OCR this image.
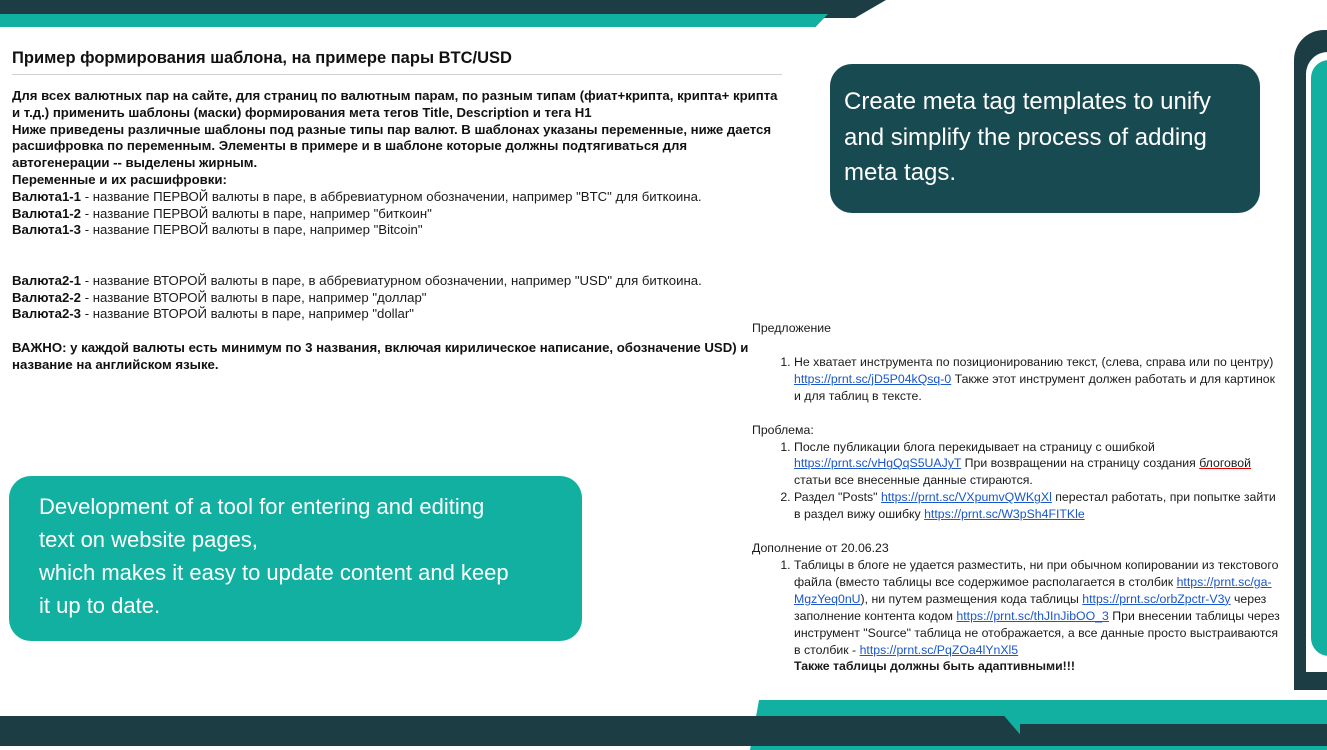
Пример формирования шаблона, на примере пары BTC/USD

Для всех валютных пар на сайте, для страниц по валютным парам, по разным типам (фиат+крипта, крипта+ крипта и т.д.) применить шаблоны (маски) формирования мета тегов Title, Description и тега H1

Ниже приведены различные шаблоны под разные типы пар валют. В шаблонах указаны переменные, ниже дается расшифровка по переменным. Элементы в примере и в шаблоне которые должны подтягиваться для автогенерации -- выделены жирным.

Переменные и их расшифровки:

Валюта1-1 - название ПЕРВОЙ валюты в паре, в аббревиатурном обозначении, например "BTC" для биткоина.

Валюта1-2 - название ПЕРВОЙ валюты в паре, например "биткоин"

Валюта1-3 - название ПЕРВОЙ валюты в паре, например "Bitcoin"

Валюта2-1 - название ВТОРОЙ валюты в паре, в аббревиатурном обозначении, например "USD" для биткоина.

Валюта2-2 - название ВТОРОЙ валюты в паре, например "доллар"

Валюта2-3 - название ВТОРОЙ валюты в паре, например "dollar"

ВАЖНО: у каждой валюты есть минимум по 3 названия, включая кирилическое написание, обозначение USD) и название на английском языке.

Create meta tag templates to unify and simplify the process of adding meta tags.
Development of a tool for entering and editing
text on website pages,
which makes it easy to update content and keep
it up to date.

Предложение

1. Не хватает инструмента по позиционированию текст, (слева, справа или по центру) https://prnt.sc/jD5P04kQsq-0 Также этот инструмент должен работать и для картинок и для таблиц в тексте.

Проблема:

1. После публикации блога перекидывает на страницу с ошибкой https://prnt.sc/vHgQqS5UAJyT При возвращении на страницу создания блоговой статьи все внесенные данные стираются.
2. Раздел "Posts" https://prnt.sc/VXpumvQWKgXl перестал работать, при попытке зайти в раздел вижу ошибку https://prnt.sc/W3pSh4FITKle

Дополнение от 20.06.23

1. Таблицы в блоге не удается разместить, ни при обычном копировании из текстового файла (вместо таблицы все содержимое располагается в столбик https://prnt.sc/ga-MgzYeq0nU), ни путем размещения кода таблицы https://prnt.sc/orbZpctr-V3y через заполнение контента кодом https://prnt.sc/thJInJibOO_3 При внесении таблицы через инструмент "Source" таблица не отображается, а все данные просто выстраиваются в столбик - https://prnt.sc/PqZOa4lYnXl5
Также таблицы должны быть адаптивными!!!
